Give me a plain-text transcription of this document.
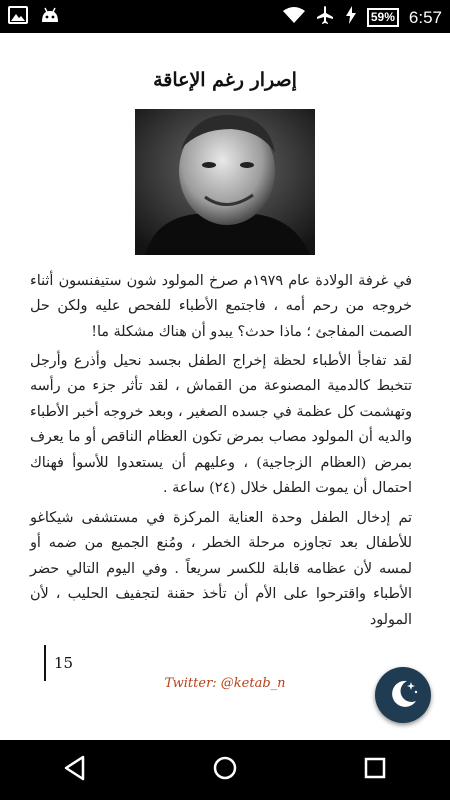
59% 6:57
إصرار رغم الإعاقة

في غرفة الولادة عام ١٩٧٩م صرخ المولود شون ستيفنسون أثناء خروجه من رحم أمه ، فاجتمع الأطباء للفحص عليه ولكن حل الصمت المفاجئ ؛ ماذا حدث؟ يبدو أن هناك مشكلة ما!

لقد تفاجأ الأطباء لحظة إخراج الطفل بجسد نحيل وأذرع وأرجل تتخبط كالدمية المصنوعة من القماش ، لقد تأثر جزء من رأسه وتهشمت كل عظمة في جسده الصغير ، وبعد خروجه أخبر الأطباء والديه أن المولود مصاب بمرض تكون العظام الناقص أو ما يعرف بمرض (العظام الزجاجية) ، وعليهم أن يستعدوا للأسوأ فهناك احتمال أن يموت الطفل خلال (٢٤) ساعة .

تم إدخال الطفل وحدة العناية المركزة في مستشفى شيكاغو للأطفال بعد تجاوزه مرحلة الخطر ، ومُنع الجميع من ضمه أو لمسه لأن عظامه قابلة للكسر سريعاً . وفي اليوم التالي حضر الأطباء واقترحوا على الأم أن تأخذ حقنة لتجفيف الحليب ، لأن المولود

15
Twitter: @ketab_n
